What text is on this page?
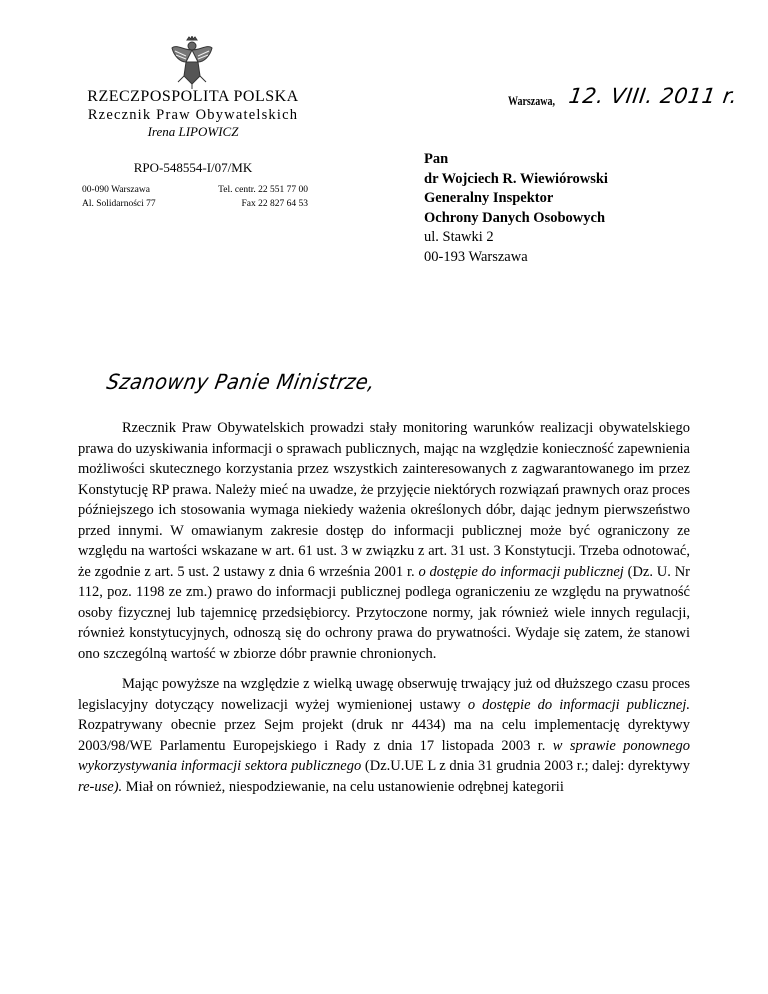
RZECZPOSPOLITA POLSKA
Rzecznik Praw Obywatelskich
Irena LIPOWICZ
RPO-548554-I/07/MK
00-090 Warszawa
Al. Solidarności 77
Tel. centr. 22 551 77 00
Fax 22 827 64 53
Warszawa, 12. VIII. 2011 r.
Pan
dr Wojciech R. Wiewiórowski
Generalny Inspektor
Ochrony Danych Osobowych
ul. Stawki 2
00-193 Warszawa
Szanowny Panie Ministrze,

Rzecznik Praw Obywatelskich prowadzi stały monitoring warunków realizacji obywatelskiego prawa do uzyskiwania informacji o sprawach publicznych, mając na względzie konieczność zapewnienia możliwości skutecznego korzystania przez wszystkich zainteresowanych z zagwarantowanego im przez Konstytucję RP prawa. Należy mieć na uwadze, że przyjęcie niektórych rozwiązań prawnych oraz proces późniejszego ich stosowania wymaga niekiedy ważenia określonych dóbr, dając jednym pierwszeństwo przed innymi. W omawianym zakresie dostęp do informacji publicznej może być ograniczony ze względu na wartości wskazane w art. 61 ust. 3 w związku z art. 31 ust. 3 Konstytucji. Trzeba odnotować, że zgodnie z art. 5 ust. 2 ustawy z dnia 6 września 2001 r. o dostępie do informacji publicznej (Dz. U. Nr 112, poz. 1198 ze zm.) prawo do informacji publicznej podlega ograniczeniu ze względu na prywatność osoby fizycznej lub tajemnicę przedsiębiorcy. Przytoczone normy, jak również wiele innych regulacji, również konstytucyjnych, odnoszą się do ochrony prawa do prywatności. Wydaje się zatem, że stanowi ono szczególną wartość w zbiorze dóbr prawnie chronionych.

Mając powyższe na względzie z wielką uwagę obserwuję trwający już od dłuższego czasu proces legislacyjny dotyczący nowelizacji wyżej wymienionej ustawy o dostępie do informacji publicznej. Rozpatrywany obecnie przez Sejm projekt (druk nr 4434) ma na celu implementację dyrektywy 2003/98/WE Parlamentu Europejskiego i Rady z dnia 17 listopada 2003 r. w sprawie ponownego wykorzystywania informacji sektora publicznego (Dz.U.UE L z dnia 31 grudnia 2003 r.; dalej: dyrektywy re-use). Miał on również, niespodziewanie, na celu ustanowienie odrębnej kategorii
